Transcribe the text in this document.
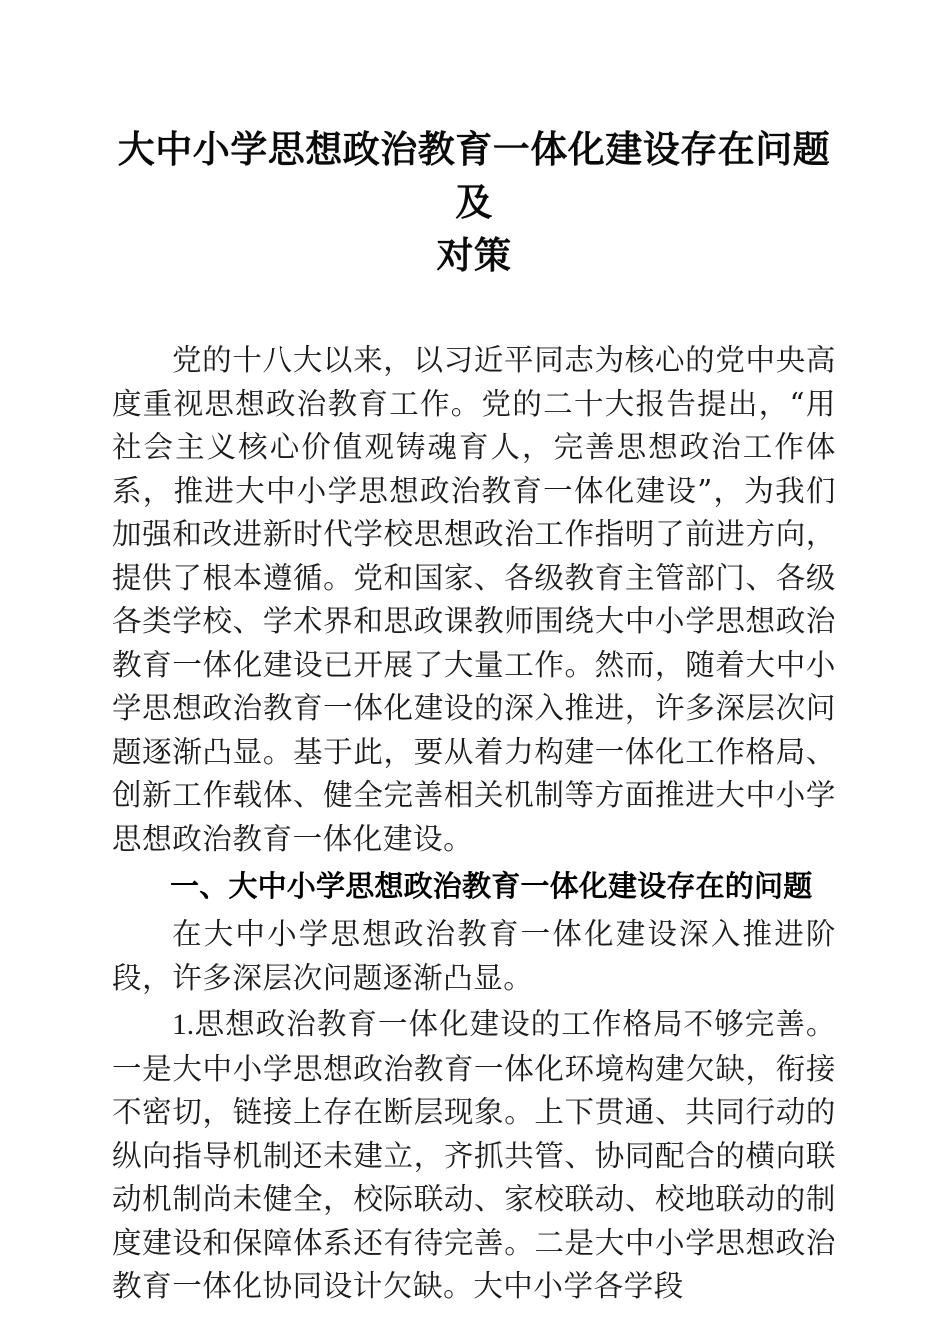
大中小学思想政治教育一体化建设存在问题及
对策

党的十八大以来，以习近平同志为核心的党中央高度重视思想政治教育工作。党的二十大报告提出，“用社会主义核心价值观铸魂育人，完善思想政治工作体系，推进大中小学思想政治教育一体化建设”，为我们加强和改进新时代学校思想政治工作指明了前进方向，提供了根本遵循。党和国家、各级教育主管部门、各级各类学校、学术界和思政课教师围绕大中小学思想政治教育一体化建设已开展了大量工作。然而，随着大中小学思想政治教育一体化建设的深入推进，许多深层次问题逐渐凸显。基于此，要从着力构建一体化工作格局、创新工作载体、健全完善相关机制等方面推进大中小学思想政治教育一体化建设。

一、大中小学思想政治教育一体化建设存在的问题

在大中小学思想政治教育一体化建设深入推进阶段，许多深层次问题逐渐凸显。

1.思想政治教育一体化建设的工作格局不够完善。一是大中小学思想政治教育一体化环境构建欠缺，衔接不密切，链接上存在断层现象。上下贯通、共同行动的纵向指导机制还未建立，齐抓共管、协同配合的横向联动机制尚未健全，校际联动、家校联动、校地联动的制度建设和保障体系还有待完善。二是大中小学思想政治教育一体化协同设计欠缺。大中小学各学段
